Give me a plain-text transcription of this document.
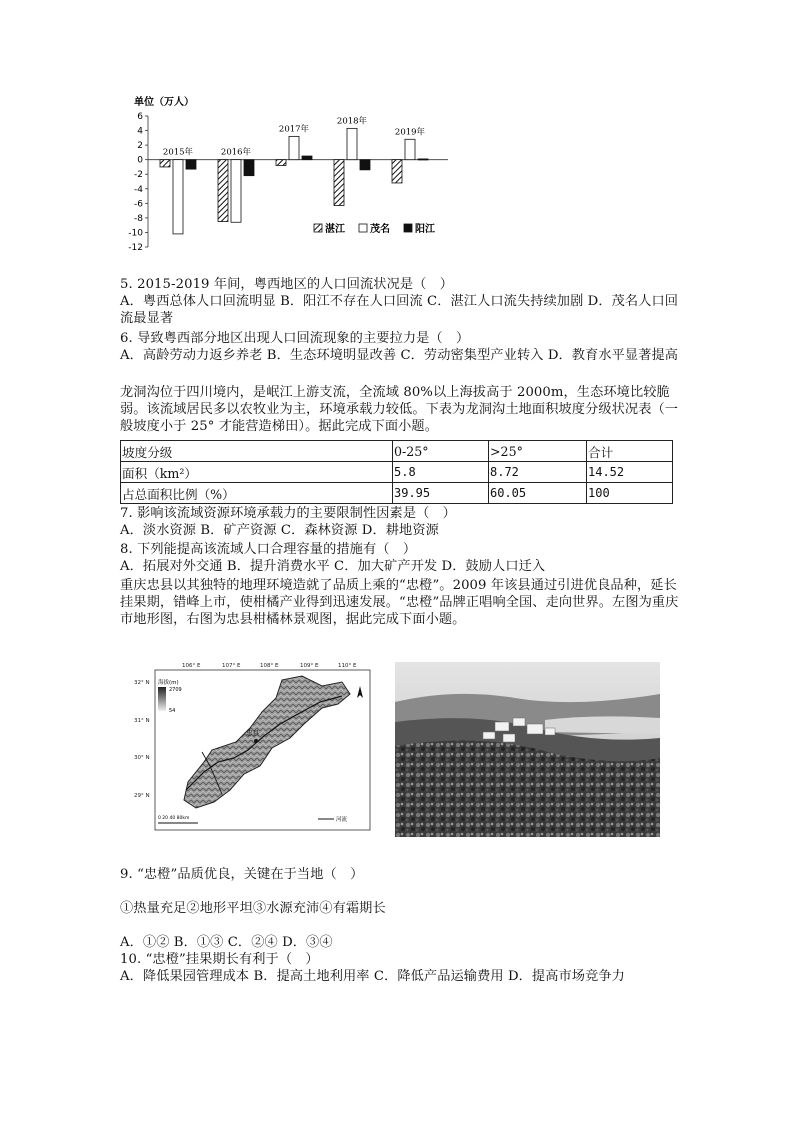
单位（万人）
6
4
2
0
-2
-4
-6
-8
-10
-12
2015年	2016年
2017年
2018年
2019年
湛江	茂名	阳江
5. 2015-2019 年间，粤西地区的人口回流状况是（　）
A．粤西总体人口回流明显 B．阳江不存在人口回流 C．湛江人口流失持续加剧 D．茂名人口回流最显著
6. 导致粤西部分地区出现人口回流现象的主要拉力是（　）
A．高龄劳动力返乡养老 B．生态环境明显改善 C．劳动密集型产业转入 D．教育水平显著提高
龙洞沟位于四川境内，是岷江上游支流，全流域 80%以上海拔高于 2000m，生态环境比较脆弱。该流域居民多以农牧业为主，环境承载力较低。下表为龙洞沟土地面积坡度分级状况表（一般坡度小于 25° 才能营造梯田）。据此完成下面小题。
坡度分级	0-25°	>25°	合计
面积（km²）	5.8	8.72	14.52
占总面积比例（%）	39.95	60.05	100
7. 影响该流域资源环境承载力的主要限制性因素是（　）
A．淡水资源 B．矿产资源 C．森林资源 D．耕地资源
8. 下列能提高该流域人口合理容量的措施有（　）
A．拓展对外交通 B．提升消费水平 C．加大矿产开发 D．鼓励人口迁入
重庆忠县以其独特的地理环境造就了品质上乘的“忠橙”。2009 年该县通过引进优良品种，延长挂果期，错峰上市，使柑橘产业得到迅速发展。“忠橙”品牌正唱响全国、走向世界。左图为重庆市地形图，右图为忠县柑橘林景观图，据此完成下面小题。
106° E	107° E	108° E	109° E	110° E
32° N
31° N
30° N
29° N
海拔(m)
2709
54
忠县
河流
0 20 40 80km
9. “忠橙”品质优良，关键在于当地（　）
①热量充足②地形平坦③水源充沛④有霜期长
A．①② B．①③ C．②④ D．③④
10. “忠橙”挂果期长有利于（　）
A．降低果园管理成本 B．提高土地利用率 C．降低产品运输费用 D．提高市场竞争力
